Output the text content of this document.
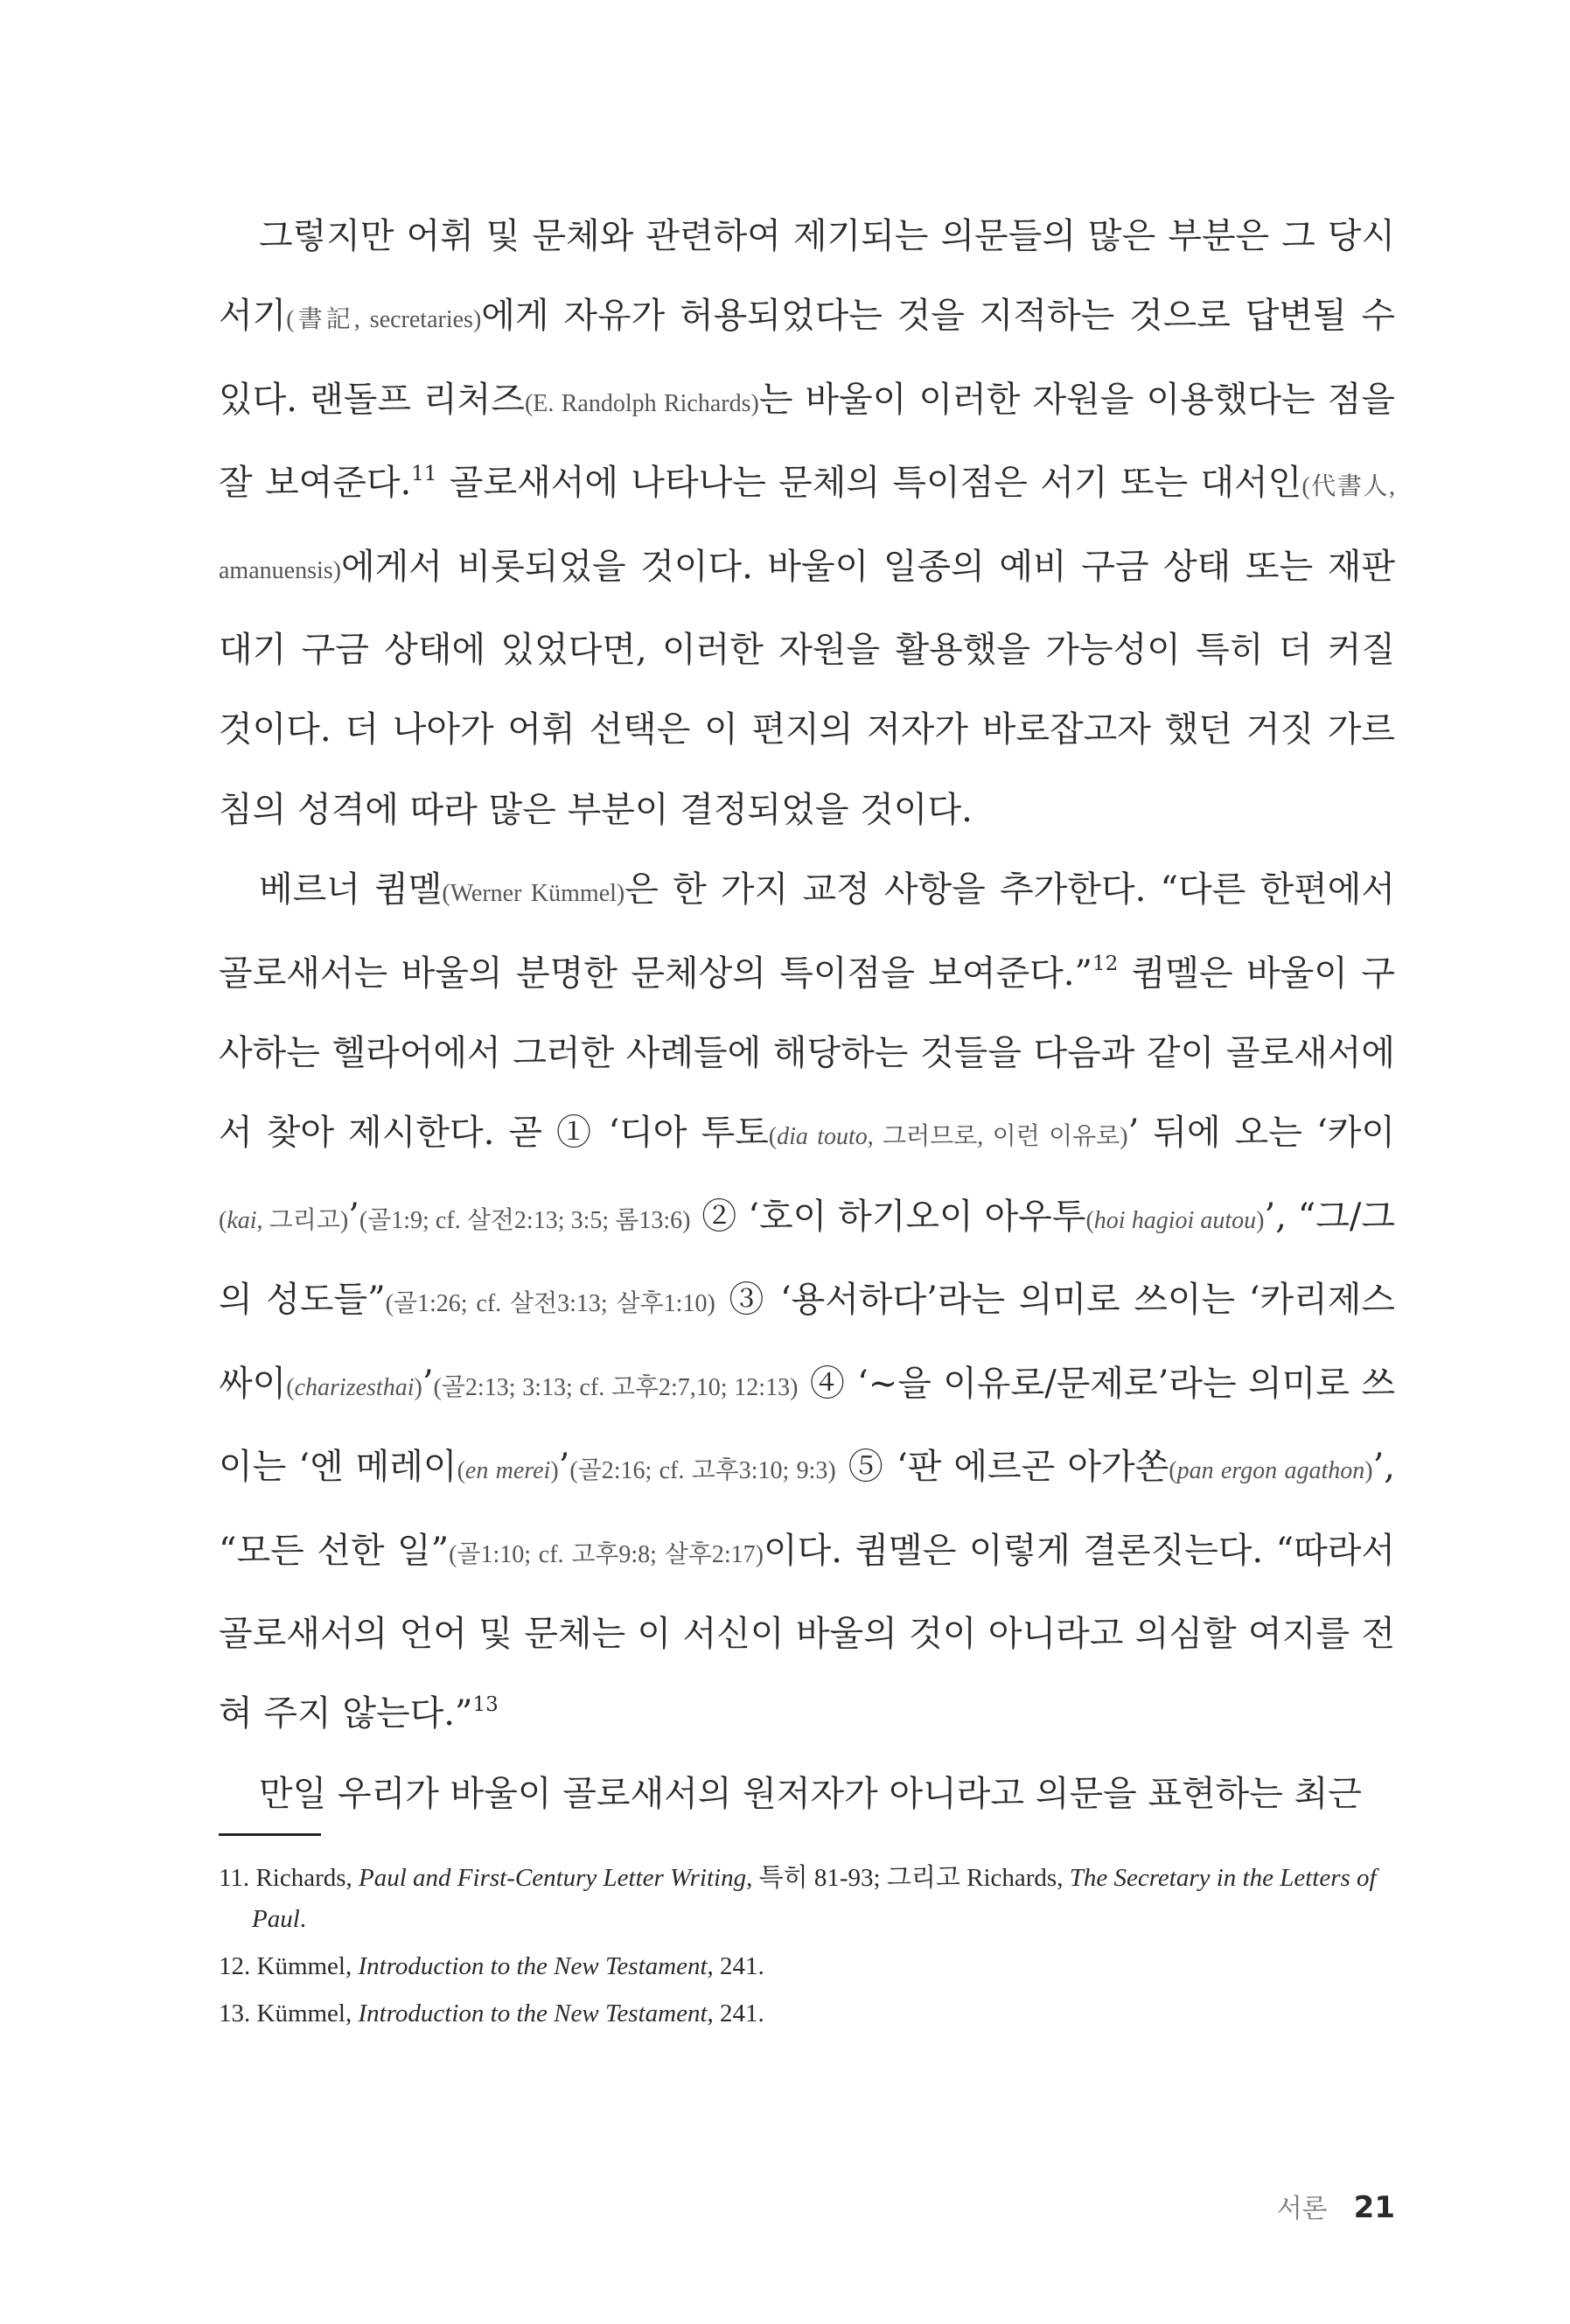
그렇지만 어휘 및 문체와 관련하여 제기되는 의문들의 많은 부분은 그 당시 서기(書記, secretaries)에게 자유가 허용되었다는 것을 지적하는 것으로 답변될 수 있다. 랜돌프 리처즈(E. Randolph Richards)는 바울이 이러한 자원을 이용했다는 점을 잘 보여준다.$^{11}$ 골로새서에 나타나는 문체의 특이점은 서기 또는 대서인(代書人, amanuensis)에게서 비롯되었을 것이다. 바울이 일종의 예비 구금 상태 또는 재판 대기 구금 상태에 있었다면, 이러한 자원을 활용했을 가능성이 특히 더 커질 것이다. 더 나아가 어휘 선택은 이 편지의 저자가 바로잡고자 했던 거짓 가르침의 성격에 따라 많은 부분이 결정되었을 것이다.

베르너 큄멜(Werner Kümmel)은 한 가지 교정 사항을 추가한다. “다른 한편에서 골로새서는 바울의 분명한 문체상의 특이점을 보여준다.”$^{12}$ 큄멜은 바울이 구사하는 헬라어에서 그러한 사례들에 해당하는 것들을 다음과 같이 골로새서에서 찾아 제시한다. 곧 ① ‘디아 투토(dia touto, 그러므로, 이런 이유로)’ 뒤에 오는 ‘카이(kai, 그리고)’(골1:9; cf. 살전2:13; 3:5; 롬13:6) ② ‘호이 하기오이 아우투(hoi hagioi autou)’, “그/그의 성도들”(골1:26; cf. 살전3:13; 살후1:10) ③ ‘용서하다’라는 의미로 쓰이는 ‘카리제스싸이(charizesthai)’(골2:13; 3:13; cf. 고후2:7,10; 12:13) ④ ‘~을 이유로/문제로’라는 의미로 쓰이는 ‘엔 메레이(en merei)’(골2:16; cf. 고후3:10; 9:3) ⑤ ‘판 에르곤 아가쏜(pan ergon agathon)’, “모든 선한 일”(골1:10; cf. 고후9:8; 살후2:17)이다. 큄멜은 이렇게 결론짓는다. “따라서 골로새서의 언어 및 문체는 이 서신이 바울의 것이 아니라고 의심할 여지를 전혀 주지 않는다.”$^{13}$

만일 우리가 바울이 골로새서의 원저자가 아니라고 의문을 표현하는 최근

11. Richards, Paul and First-Century Letter Writing, 특히 81-93; 그리고 Richards, The Secretary in the Letters of Paul.

12. Kümmel, Introduction to the New Testament, 241.

13. Kümmel, Introduction to the New Testament, 241.

서론 21
